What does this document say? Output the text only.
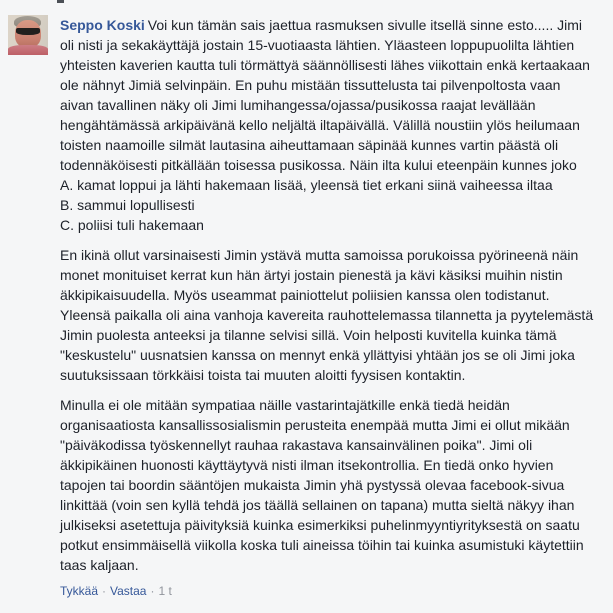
Seppo Koski Voi kun tämän sais jaettua rasmuksen sivulle itsellä sinne esto..... Jimi oli nisti ja sekakäyttäjä jostain 15-vuotiaasta lähtien. Yläasteen loppupuolilta lähtien yhteisten kaverien kautta tuli törmättyä säännöllisesti lähes viikottain enkä kertaakaan ole nähnyt Jimiä selvinpäin. En puhu mistään tissuttelusta tai pilvenpoltosta vaan aivan tavallinen näky oli Jimi lumihangessa/ojassa/pusikossa raajat levällään hengähtämässä arkipäivänä kello neljältä iltapäivällä. Välillä noustiin ylös heilumaan toisten naamoille silmät lautasina aiheuttamaan säpinää kunnes vartin päästä oli todennäköisesti pitkällään toisessa pusikossa. Näin ilta kului eteenpäin kunnes joko
A. kamat loppui ja lähti hakemaan lisää, yleensä tiet erkani siinä vaiheessa iltaa
B. sammui lopullisesti
C. poliisi tuli hakemaan
En ikinä ollut varsinaisesti Jimin ystävä mutta samoissa porukoissa pyörineenä näin monet monituiset kerrat kun hän ärtyi jostain pienestä ja kävi käsiksi muihin nistin äkkipikaisuudella. Myös useammat painiottelut poliisien kanssa olen todistanut. Yleensä paikalla oli aina vanhoja kavereita rauhottelemassa tilannetta ja pyytelemästä Jimin puolesta anteeksi ja tilanne selvisi sillä. Voin helposti kuvitella kuinka tämä "keskustelu" uusnatsien kanssa on mennyt enkä yllättyisi yhtään jos se oli Jimi joka suutuksissaan törkkäisi toista tai muuten aloitti fyysisen kontaktin.
Minulla ei ole mitään sympatiaa näille vastarintajätkille enkä tiedä heidän organisaatiosta kansallissosialismin perusteita enempää mutta Jimi ei ollut mikään "päiväkodissa työskennellyt rauhaa rakastava kansainvälinen poika". Jimi oli äkkipikäinen huonosti käyttäytyvä nisti ilman itsekontrollia. En tiedä onko hyvien tapojen tai boordin sääntöjen mukaista Jimin yhä pystyssä olevaa facebook-sivua linkittää (voin sen kyllä tehdä jos täällä sellainen on tapana) mutta sieltä näkyy ihan julkiseksi asetettuja päivityksiä kuinka esimerkiksi puhelinmyyntiyrityksestä on saatu potkut ensimmäisellä viikolla koska tuli aineissa töihin tai kuinka asumistuki käytettiin taas kaljaan.
Tykkää · Vastaa · 1 t
